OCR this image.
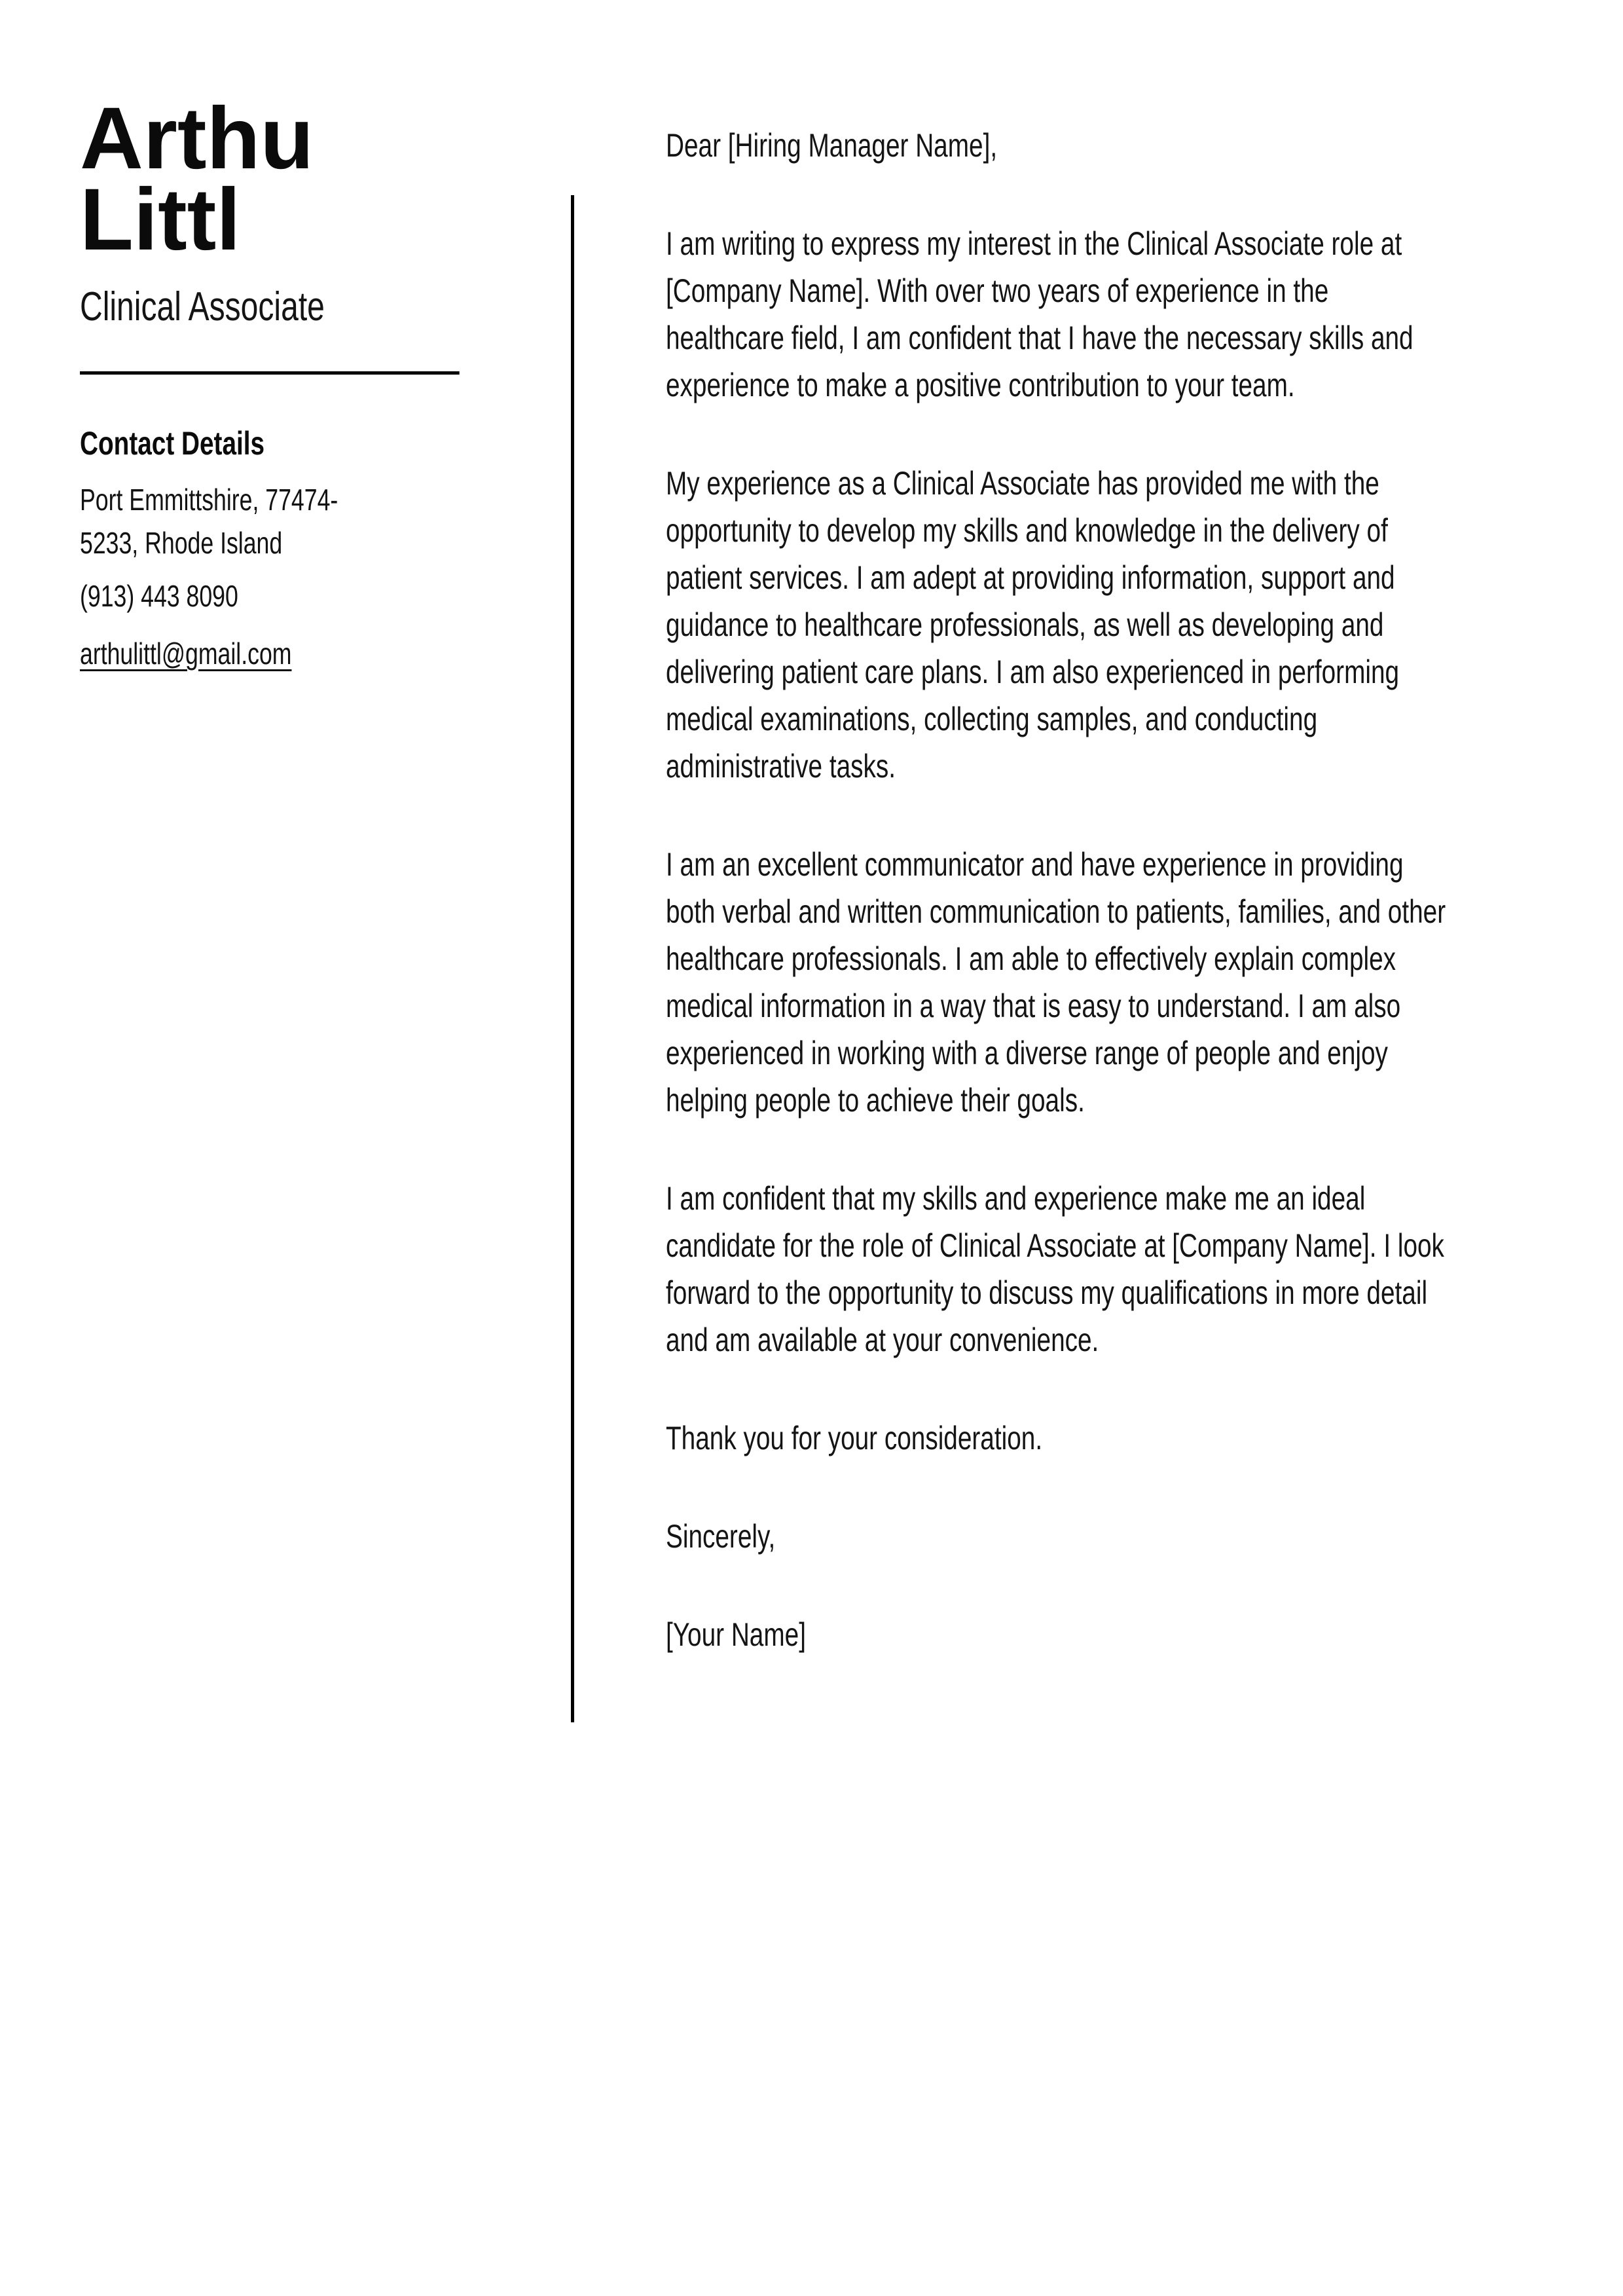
Arthu
Littl
Clinical Associate
Contact Details

Port Emmittshire, 77474-5233, Rhode Island

(913) 443 8090

arthulittl@gmail.com

Dear [Hiring Manager Name],

I am writing to express my interest in the Clinical Associate role at [Company Name]. With over two years of experience in the healthcare field, I am confident that I have the necessary skills and experience to make a positive contribution to your team.

My experience as a Clinical Associate has provided me with the opportunity to develop my skills and knowledge in the delivery of patient services. I am adept at providing information, support and guidance to healthcare professionals, as well as developing and delivering patient care plans. I am also experienced in performing medical examinations, collecting samples, and conducting administrative tasks.

I am an excellent communicator and have experience in providing both verbal and written communication to patients, families, and other healthcare professionals. I am able to effectively explain complex medical information in a way that is easy to understand. I am also experienced in working with a diverse range of people and enjoy helping people to achieve their goals.

I am confident that my skills and experience make me an ideal candidate for the role of Clinical Associate at [Company Name]. I look forward to the opportunity to discuss my qualifications in more detail and am available at your convenience.

Thank you for your consideration.

Sincerely,

[Your Name]
